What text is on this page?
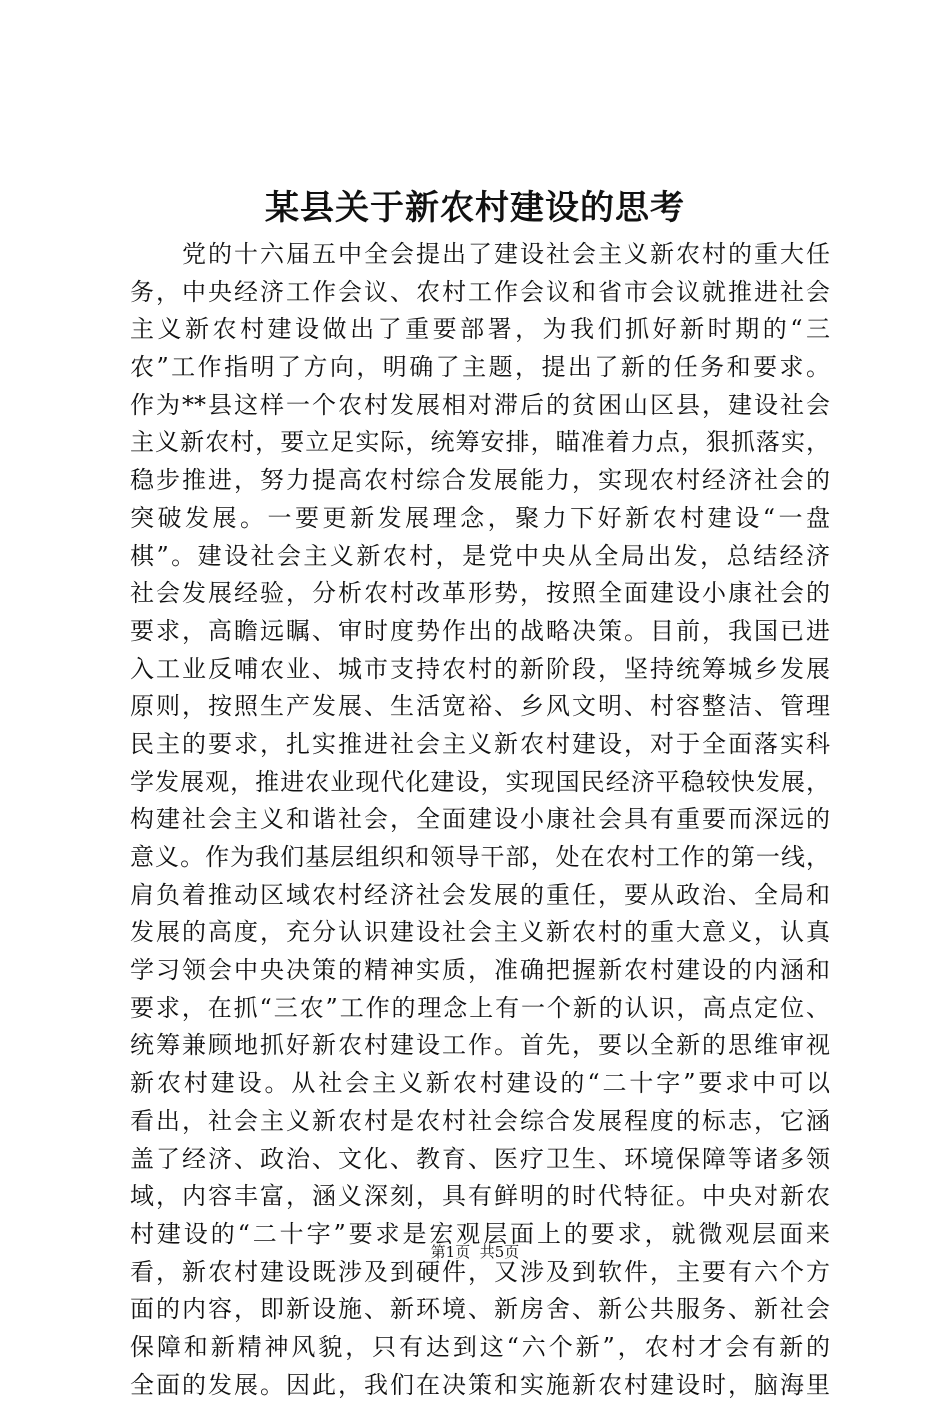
某县关于新农村建设的思考
　　党的十六届五中全会提出了建设社会主义新农村的重大任
务，中央经济工作会议、农村工作会议和省市会议就推进社会
主义新农村建设做出了重要部署，为我们抓好新时期的“三
农”工作指明了方向，明确了主题，提出了新的任务和要求。
作为**县这样一个农村发展相对滞后的贫困山区县，建设社会
主义新农村，要立足实际，统筹安排，瞄准着力点，狠抓落实，
稳步推进，努力提高农村综合发展能力，实现农村经济社会的
突破发展。一要更新发展理念，聚力下好新农村建设“一盘
棋”。建设社会主义新农村，是党中央从全局出发，总结经济
社会发展经验，分析农村改革形势，按照全面建设小康社会的
要求，高瞻远瞩、审时度势作出的战略决策。目前，我国已进
入工业反哺农业、城市支持农村的新阶段，坚持统筹城乡发展
原则，按照生产发展、生活宽裕、乡风文明、村容整洁、管理
民主的要求，扎实推进社会主义新农村建设，对于全面落实科
学发展观，推进农业现代化建设，实现国民经济平稳较快发展，
构建社会主义和谐社会，全面建设小康社会具有重要而深远的
意义。作为我们基层组织和领导干部，处在农村工作的第一线，
肩负着推动区域农村经济社会发展的重任，要从政治、全局和
发展的高度，充分认识建设社会主义新农村的重大意义，认真
学习领会中央决策的精神实质，准确把握新农村建设的内涵和
要求，在抓“三农”工作的理念上有一个新的认识，高点定位、
统筹兼顾地抓好新农村建设工作。首先，要以全新的思维审视
新农村建设。从社会主义新农村建设的“二十字”要求中可以
看出，社会主义新农村是农村社会综合发展程度的标志，它涵
盖了经济、政治、文化、教育、医疗卫生、环境保障等诸多领
域，内容丰富，涵义深刻，具有鲜明的时代特征。中央对新农
村建设的“二十字”要求是宏观层面上的要求，就微观层面来
看，新农村建设既涉及到硬件，又涉及到软件，主要有六个方
面的内容，即新设施、新环境、新房舍、新公共服务、新社会
保障和新精神风貌，只有达到这“六个新”，农村才会有新的
全面的发展。因此，我们在决策和实施新农村建设时，脑海里
第1页 共5页
